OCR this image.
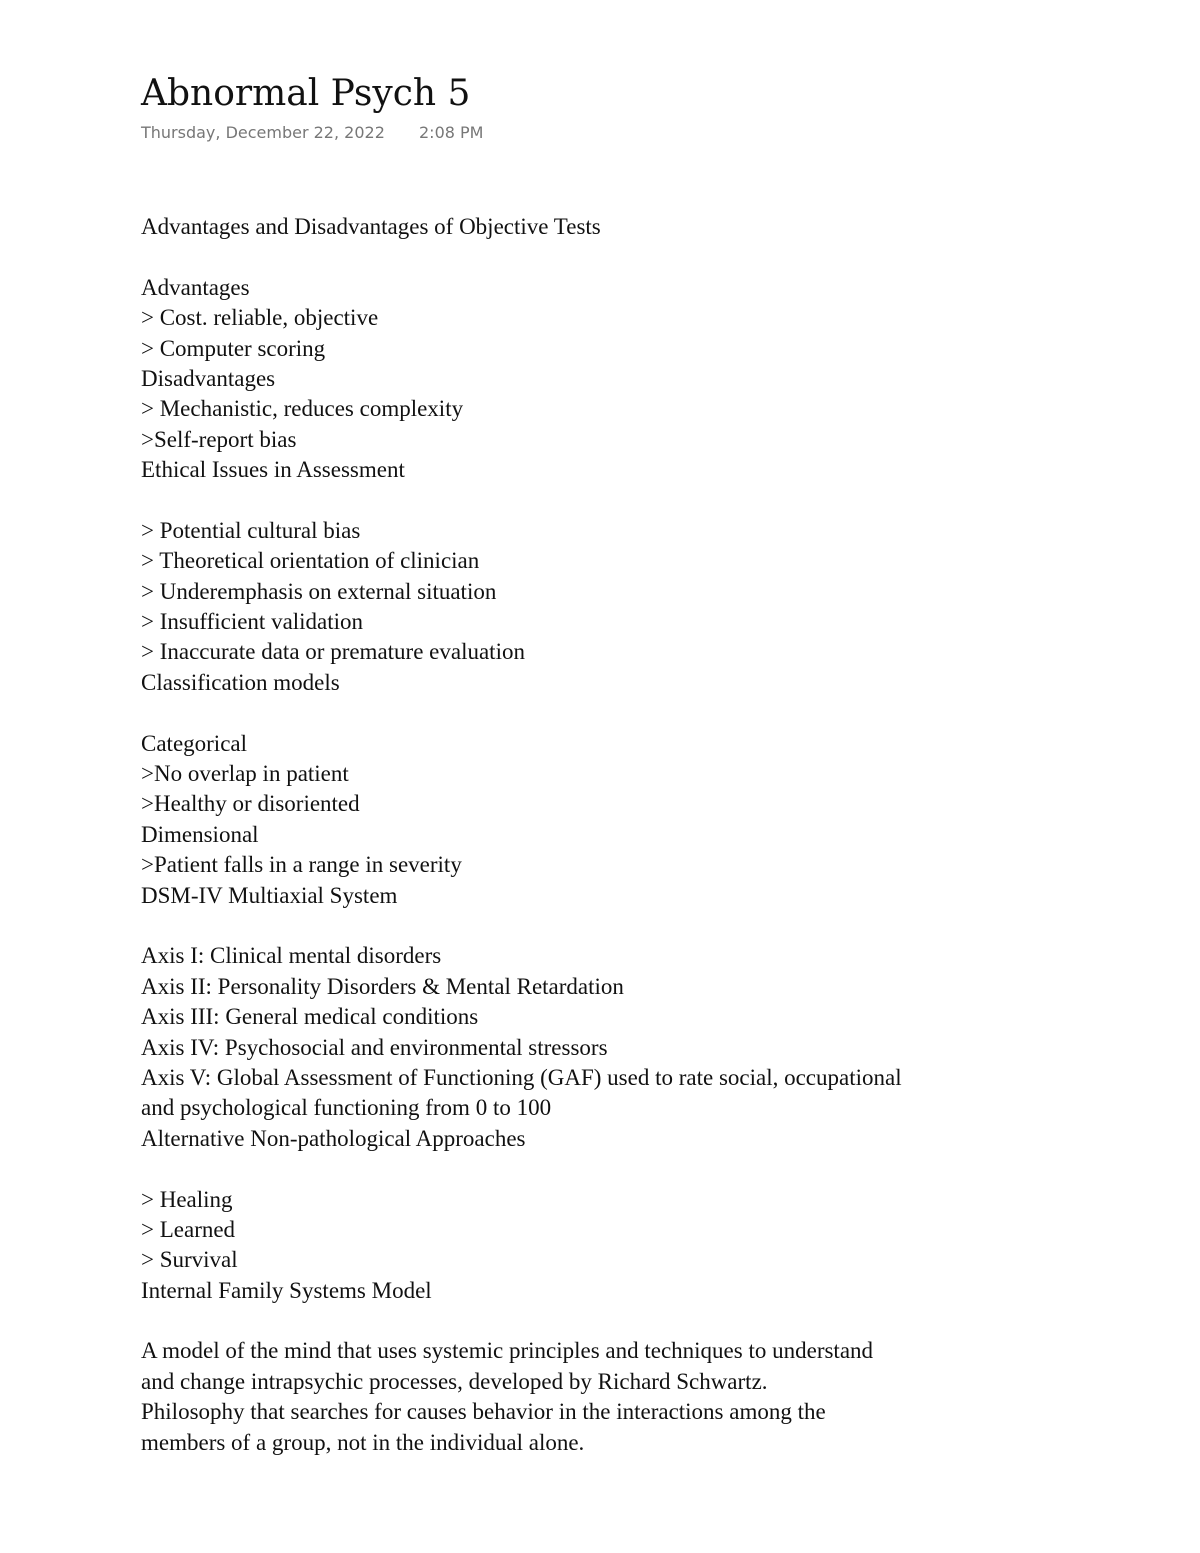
Abnormal Psych 5
Thursday, December 22, 2022 2:08 PM
Advantages and Disadvantages of Objective Tests
Advantages
> Cost. reliable, objective
> Computer scoring
Disadvantages
> Mechanistic, reduces complexity
>Self-report bias
Ethical Issues in Assessment
> Potential cultural bias
> Theoretical orientation of clinician
> Underemphasis on external situation
> Insufficient validation
> Inaccurate data or premature evaluation
Classification models
Categorical
>No overlap in patient
>Healthy or disoriented
Dimensional
>Patient falls in a range in severity
DSM-IV Multiaxial System
Axis I: Clinical mental disorders
Axis II: Personality Disorders & Mental Retardation
Axis III: General medical conditions
Axis IV: Psychosocial and environmental stressors
Axis V: Global Assessment of Functioning (GAF) used to rate social, occupational
and psychological functioning from 0 to 100
Alternative Non-pathological Approaches
> Healing
> Learned
> Survival
Internal Family Systems Model
A model of the mind that uses systemic principles and techniques to understand
and change intrapsychic processes, developed by Richard Schwartz.
Philosophy that searches for causes behavior in the interactions among the
members of a group, not in the individual alone.
